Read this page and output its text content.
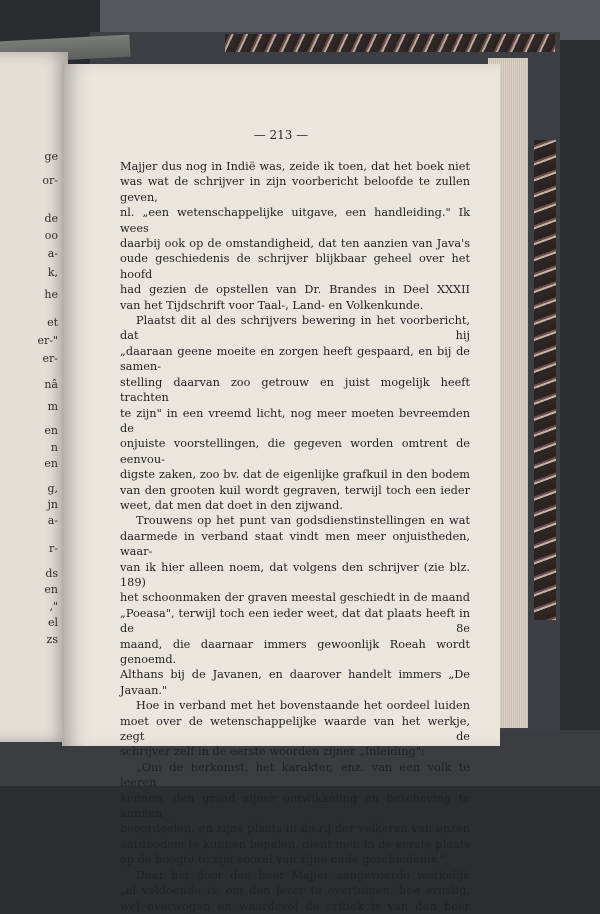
ge
or-
de
oo
a-
k,
he
et
er-"
er-
nâ
m
en
n
en
g,
jn
a-
r-
ds
en
,"
el
zs
— 213 —

Majjer dus nog in Indië was, zeide ik toen, dat het boek niet

was wat de schrijver in zijn voorbericht beloofde te zullen geven,

nl. „een wetenschappelijke uitgave, een handleiding." Ik wees

daarbij ook op de omstandigheid, dat ten aanzien van Java's

oude geschiedenis de schrijver blijkbaar geheel over het hoofd

had gezien de opstellen van Dr. Brandes in Deel XXXII

van het Tijdschrift voor Taal-, Land- en Volkenkunde.

Plaatst dit al des schrijvers bewering in het voorbericht, dat hij

„daaraan geene moeite en zorgen heeft gespaard, en bij de samen-

stelling daarvan zoo getrouw en juist mogelijk heeft trachten

te zijn" in een vreemd licht, nog meer moeten bevreemden de

onjuiste voorstellingen, die gegeven worden omtrent de eenvou-

digste zaken, zoo bv. dat de eigenlijke grafkuil in den bodem

van den grooten kuil wordt gegraven, terwijl toch een ieder

weet, dat men dat doet in den zijwand.

Trouwens op het punt van godsdienstinstellingen en wat

daarmede in verband staat vindt men meer onjuistheden, waar-

van ik hier alleen noem, dat volgens den schrijver (zie blz. 189)

het schoonmaken der graven meestal geschiedt in de maand

„Poeasa", terwijl toch een ieder weet, dat dat plaats heeft in de 8e

maand, die daarnaar immers gewoonlijk Roeah wordt genoemd.

Althans bij de Javanen, en daarover handelt immers „De Javaan."

Hoe in verband met het bovenstaande het oordeel luiden

moet over de wetenschappelijke waarde van het werkje, zegt de

schrijver zelf in de eerste woorden zijner „Inleiding":

„Om de herkomst, het karakter, enz. van een volk te leeren

kennen, den graad zijner ontwikkeling en beschaving te kunnen

beoordeelen, en zijne plaats in de rij der volkeren van onzen

aardbodem te kunnen bepalen, dient men in de eerste plaats

op de hoogte te zijn vooral van zijne oude geschiedenis."

Daar het door den heer Majjer aangevoerde werkelijk

„al voldoende is, om den lezer te overtuigen, hoe ernstig,

wel overwogen en waardevol de critiek is van den heer
